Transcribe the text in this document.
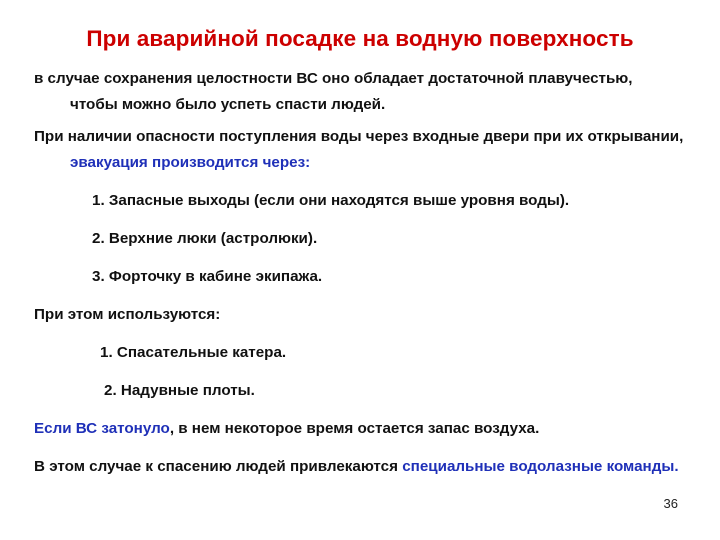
При аварийной посадке на водную поверхность

в случае сохранения целостности ВС оно обладает достаточной плавучестью, чтобы можно было успеть спасти людей.

При наличии опасности поступления воды через входные двери при их открывании, эвакуация производится через:

1. Запасные выходы (если они находятся выше уровня воды).

2. Верхние люки (астролюки).

3. Форточку в кабине экипажа.

При этом используются:

1. Спасательные катера.

2. Надувные плоты.

Если ВС затонуло, в нем некоторое время остается запас воздуха.

В этом случае к спасению людей привлекаются специальные водолазные команды.

36
